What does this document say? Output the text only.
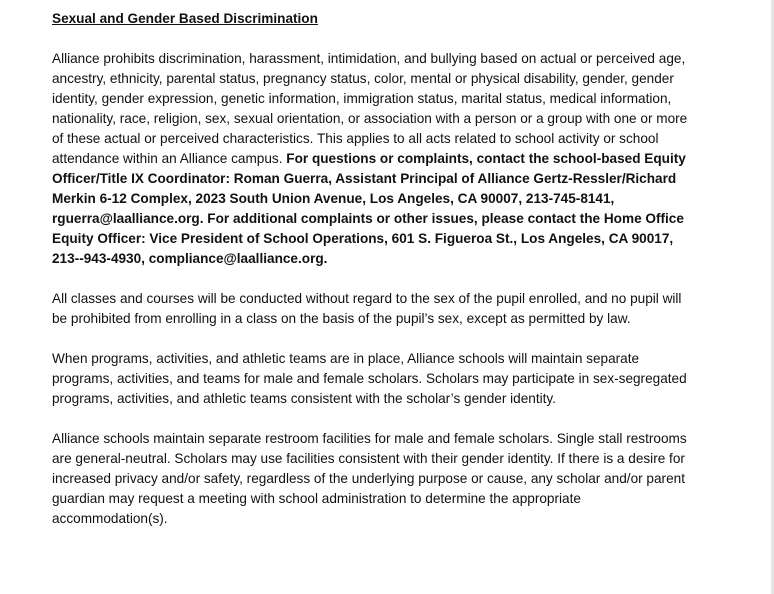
Sexual and Gender Based Discrimination

Alliance prohibits discrimination, harassment, intimidation, and bullying based on actual or perceived age, ancestry, ethnicity, parental status, pregnancy status, color, mental or physical disability, gender, gender identity, gender expression, genetic information, immigration status, marital status, medical information, nationality, race, religion, sex, sexual orientation, or association with a person or a group with one or more of these actual or perceived characteristics. This applies to all acts related to school activity or school attendance within an Alliance campus. For questions or complaints, contact the school-based Equity Officer/Title IX Coordinator: Roman Guerra, Assistant Principal of Alliance Gertz-Ressler/Richard Merkin 6-12 Complex, 2023 South Union Avenue, Los Angeles, CA 90007, 213-745-8141, rguerra@laalliance.org. For additional complaints or other issues, please contact the Home Office Equity Officer: Vice President of School Operations, 601 S. Figueroa St., Los Angeles, CA 90017, 213--943-4930, compliance@laalliance.org.

All classes and courses will be conducted without regard to the sex of the pupil enrolled, and no pupil will be prohibited from enrolling in a class on the basis of the pupil’s sex, except as permitted by law.

When programs, activities, and athletic teams are in place, Alliance schools will maintain separate programs, activities, and teams for male and female scholars. Scholars may participate in sex-segregated programs, activities, and athletic teams consistent with the scholar’s gender identity.

Alliance schools maintain separate restroom facilities for male and female scholars. Single stall restrooms are general-neutral. Scholars may use facilities consistent with their gender identity. If there is a desire for increased privacy and/or safety, regardless of the underlying purpose or cause, any scholar and/or parent guardian may request a meeting with school administration to determine the appropriate accommodation(s).
